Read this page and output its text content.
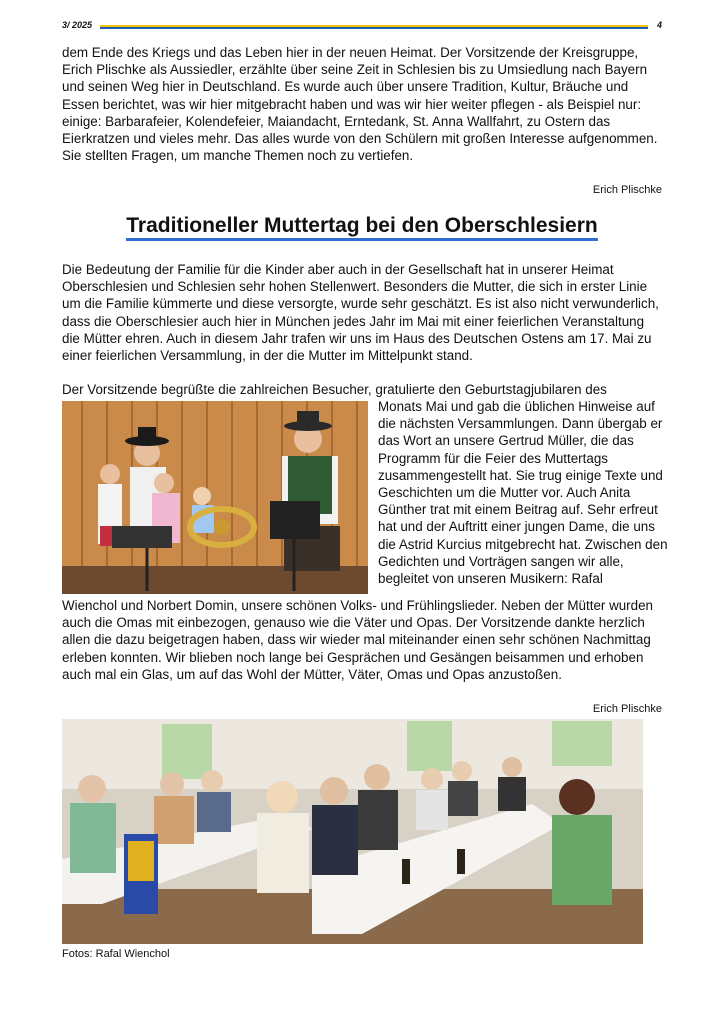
3/ 2025	4

dem Ende des Kriegs und das Leben hier in der neuen Heimat. Der Vorsitzende der Kreisgruppe, Erich Plischke als Aussiedler, erzählte über seine Zeit in Schlesien bis zu Umsiedlung nach Bayern und seinen Weg hier in Deutschland. Es wurde auch über unsere Tradition, Kultur, Bräuche und Essen berichtet, was wir hier mitgebracht haben und was wir hier weiter pflegen - als Beispiel nur: einige: Barbarafeier, Kolendefeier, Maiandacht, Erntedank, St. Anna Wallfahrt, zu Ostern das Eierkratzen und vieles mehr. Das alles wurde von den Schülern mit großen Interesse aufgenommen. Sie stellten Fragen, um manche Themen noch zu vertiefen.

Erich Plischke

Traditioneller Muttertag bei den Oberschlesiern

Die Bedeutung der Familie für die Kinder aber auch in der Gesellschaft hat in unserer Heimat Oberschlesien und Schlesien sehr hohen Stellenwert. Besonders die Mutter, die sich in erster Linie um die Familie kümmerte und diese versorgte, wurde sehr geschätzt. Es ist also nicht verwunderlich, dass die Oberschlesier auch hier in München jedes Jahr im Mai mit einer feierlichen Veranstaltung die Mütter ehren. Auch in diesem Jahr trafen wir uns im Haus des Deutschen Ostens am 17. Mai zu einer feierlichen Versammlung, in der die Mutter im Mittelpunkt stand.

Der Vorsitzende begrüßte die zahlreichen Besucher, gratulierte den Geburtstagjubilaren des

Monats Mai und gab die üblichen Hinweise auf die nächsten Versammlungen. Dann übergab er das Wort an unsere Gertrud Müller, die das Programm für die Feier des Muttertags zusammengestellt hat. Sie trug einige Texte und Geschichten um die Mutter vor. Auch Anita Günther trat mit einem Beitrag auf. Sehr erfreut hat und der Auftritt einer jungen Dame, die uns die Astrid Kurcius mitgebrecht hat. Zwischen den Gedichten und Vorträgen sangen wir alle, begleitet von unseren Musikern: Rafal

Wienchol und Norbert Domin, unsere schönen Volks- und Frühlingslieder. Neben der Mütter wurden auch die Omas mit einbezogen, genauso wie die Väter und Opas. Der Vorsitzende dankte herzlich allen die dazu beigetragen haben, dass wir wieder mal miteinander einen sehr schönen Nachmittag erleben konnten. Wir blieben noch lange bei Gesprächen und Gesängen beisammen und erhoben auch mal ein Glas, um auf das Wohl der Mütter, Väter, Omas und Opas anzustoßen.

Erich Plischke

Fotos: Rafal Wienchol
